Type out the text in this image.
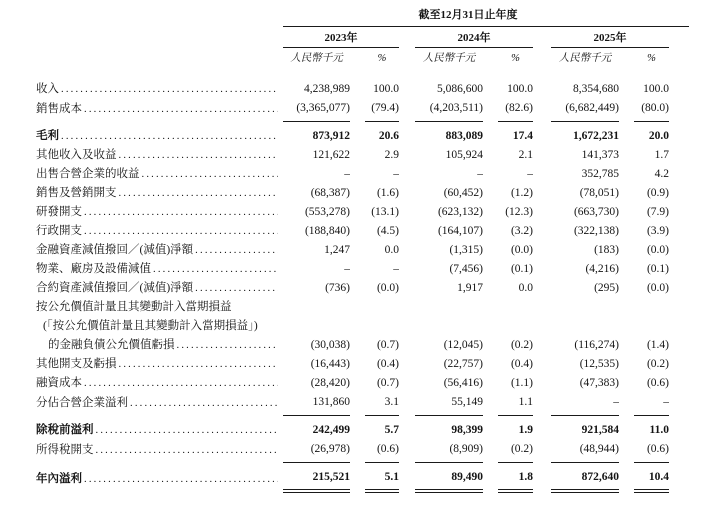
	截至12月31日止年度											
	2023年				2024年				2025年			
	人民幣千元		%		人民幣千元		%		人民幣千元		%	

收入
.....	4,238,989		100.0		5,086,600		100.0		8,354,680		100.0	

銷售成本
.....	(3,365,077)		(79.4)		(4,203,511)		(82.6)		(6,682,449)		(80.0)	

毛利
.....	873,912		20.6		883,089		17.4		1,672,231		20.0	

其他收入及收益
.....	121,622		2.9		105,924		2.1		141,373		1.7	

出售合營企業的收益
.....	–		–		–		–		352,785		4.2	

銷售及營銷開支
.....	(68,387)		(1.6)		(60,452)		(1.2)		(78,051)		(0.9)	

研發開支
.....	(553,278)		(13.1)		(623,132)		(12.3)		(663,730)		(7.9)	

行政開支
.....	(188,840)		(4.5)		(164,107)		(3.2)		(322,138)		(3.9)	

金融資產減值撥回／(減值)淨額
.....	1,247		0.0		(1,315)		(0.0)		(183)		(0.0)	

物業、廠房及設備減值
.....	–		–		(7,456)		(0.1)		(4,216)		(0.1)	

合約資產減值撥回／(減值)淨額
.....	(736)		(0.0)		1,917		0.0		(295)		(0.0)	

按公允價值計量且其變動計入當期損益
(「按公允價值計量且其變動計入當期損益」)
的金融負債公允價值虧損
.....	(30,038)		(0.7)		(12,045)		(0.2)		(116,274)		(1.4)	

其他開支及虧損
.....	(16,443)		(0.4)		(22,757)		(0.4)		(12,535)		(0.2)	

融資成本
.....	(28,420)		(0.7)		(56,416)		(1.1)		(47,383)		(0.6)	

分佔合營企業溢利
.....	131,860		3.1		55,149		1.1		–		–	

除稅前溢利
.....	242,499		5.7		98,399		1.9		921,584		11.0	

所得稅開支
.....	(26,978)		(0.6)		(8,909)		(0.2)		(48,944)		(0.6)	

年內溢利
.....	215,521		5.1		89,490		1.8		872,640		10.4	
